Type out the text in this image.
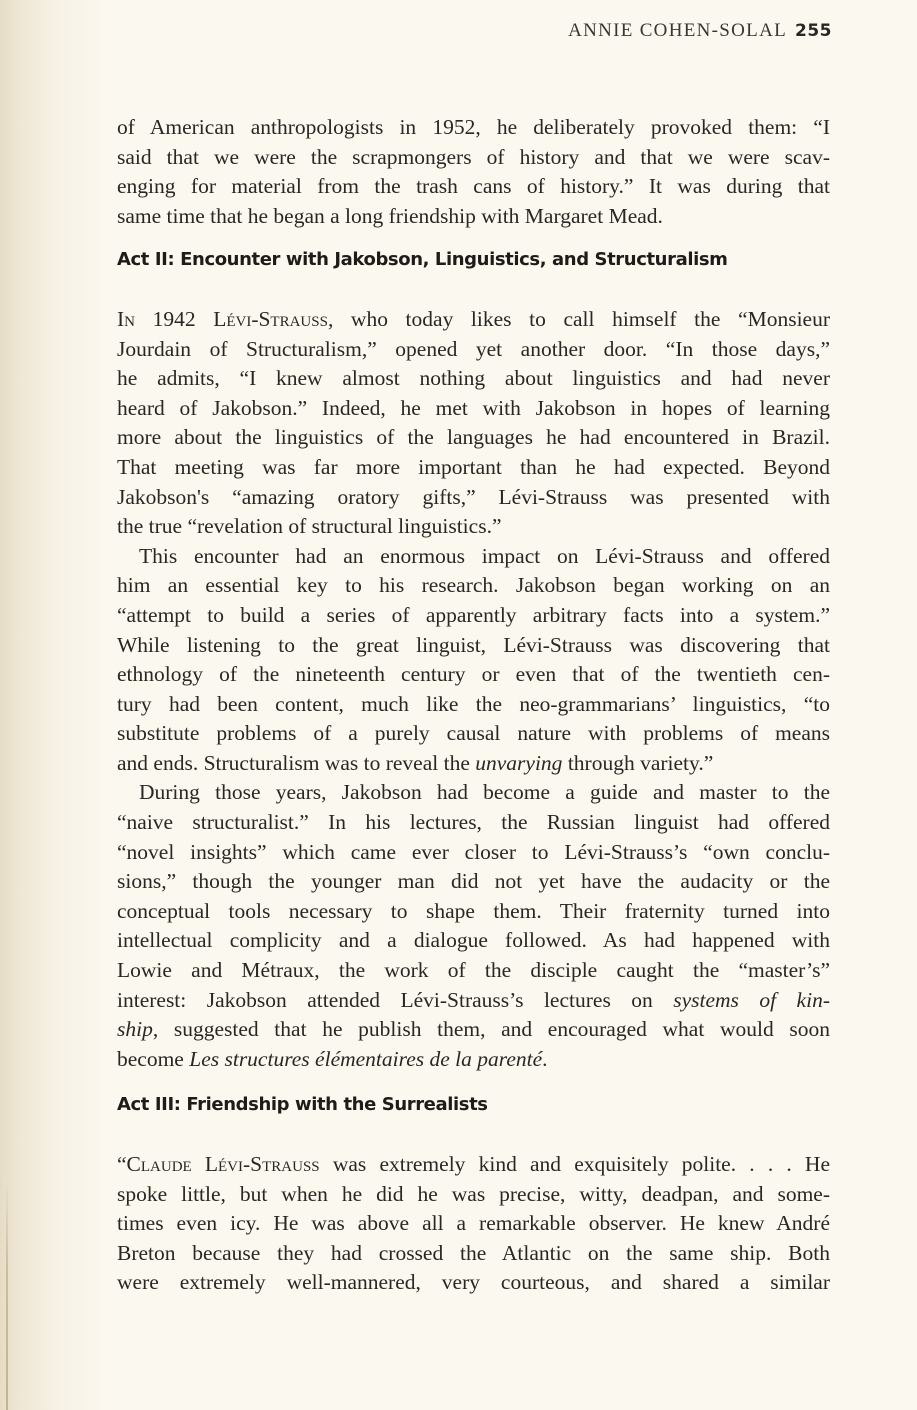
ANNIE COHEN-SOLAL 255
of American anthropologists in 1952, he deliberately provoked them: “I
said that we were the scrapmongers of history and that we were scav-
enging for material from the trash cans of history.” It was during that
same time that he began a long friendship with Margaret Mead.
Act II: Encounter with Jakobson, Linguistics, and Structuralism
In 1942 Lévi-Strauss, who today likes to call himself the “Monsieur
Jourdain of Structuralism,” opened yet another door. “In those days,”
he admits, “I knew almost nothing about linguistics and had never
heard of Jakobson.” Indeed, he met with Jakobson in hopes of learning
more about the linguistics of the languages he had encountered in Brazil.
That meeting was far more important than he had expected. Beyond
Jakobson's “amazing oratory gifts,” Lévi-Strauss was presented with
the true “revelation of structural linguistics.”
This encounter had an enormous impact on Lévi-Strauss and offered
him an essential key to his research. Jakobson began working on an
“attempt to build a series of apparently arbitrary facts into a system.”
While listening to the great linguist, Lévi-Strauss was discovering that
ethnology of the nineteenth century or even that of the twentieth cen-
tury had been content, much like the neo-grammarians’ linguistics, “to
substitute problems of a purely causal nature with problems of means
and ends. Structuralism was to reveal the unvarying through variety.”
During those years, Jakobson had become a guide and master to the
“naive structuralist.” In his lectures, the Russian linguist had offered
“novel insights” which came ever closer to Lévi-Strauss’s “own conclu-
sions,” though the younger man did not yet have the audacity or the
conceptual tools necessary to shape them. Their fraternity turned into
intellectual complicity and a dialogue followed. As had happened with
Lowie and Métraux, the work of the disciple caught the “master’s”
interest: Jakobson attended Lévi-Strauss’s lectures on systems of kin-
ship, suggested that he publish them, and encouraged what would soon
become Les structures élémentaires de la parenté.
Act III: Friendship with the Surrealists
“Claude Lévi-Strauss was extremely kind and exquisitely polite. . . . He
spoke little, but when he did he was precise, witty, deadpan, and some-
times even icy. He was above all a remarkable observer. He knew André
Breton because they had crossed the Atlantic on the same ship. Both
were extremely well-mannered, very courteous, and shared a similar
